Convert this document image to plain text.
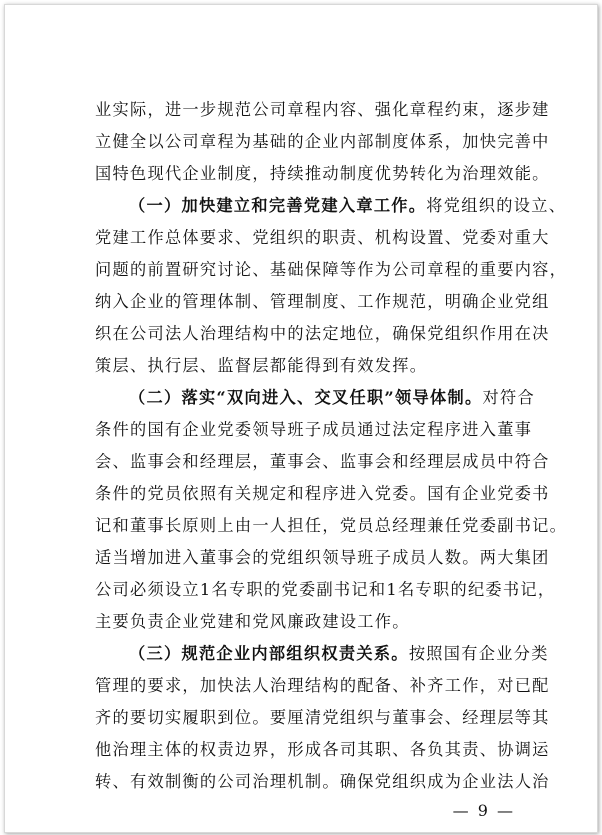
业实际，进一步规范公司章程内容、强化章程约束，逐步建
立健全以公司章程为基础的企业内部制度体系，加快完善中
国特色现代企业制度，持续推动制度优势转化为治理效能。
（一）加快建立和完善党建入章工作。 将党组织的设立、
党建工作总体要求、党组织的职责、机构设置、党委对重大
问题的前置研究讨论、基础保障等作为公司章程的重要内容，
纳入企业的管理体制、管理制度、工作规范，明确企业党组
织在公司法人治理结构中的法定地位，确保党组织作用在决
策层、执行层、监督层都能得到有效发挥。
（二）落实“双向进入、交叉任职”领导体制。 对符合
条件的国有企业党委领导班子成员通过法定程序进入董事
会、监事会和经理层，董事会、监事会和经理层成员中符合
条件的党员依照有关规定和程序进入党委。国有企业党委书
记和董事长原则上由一人担任，党员总经理兼任党委副书记。
适当增加进入董事会的党组织领导班子成员人数。两大集团
公司必须设立1名专职的党委副书记和1名专职的纪委书记，
主要负责企业党建和党风廉政建设工作。
（三）规范企业内部组织权责关系。 按照国有企业分类
管理的要求，加快法人治理结构的配备、补齐工作，对已配
齐的要切实履职到位。要厘清党组织与董事会、经理层等其
他治理主体的权责边界，形成各司其职、各负其责、协调运
转、有效制衡的公司治理机制。确保党组织成为企业法人治
— 9 —
